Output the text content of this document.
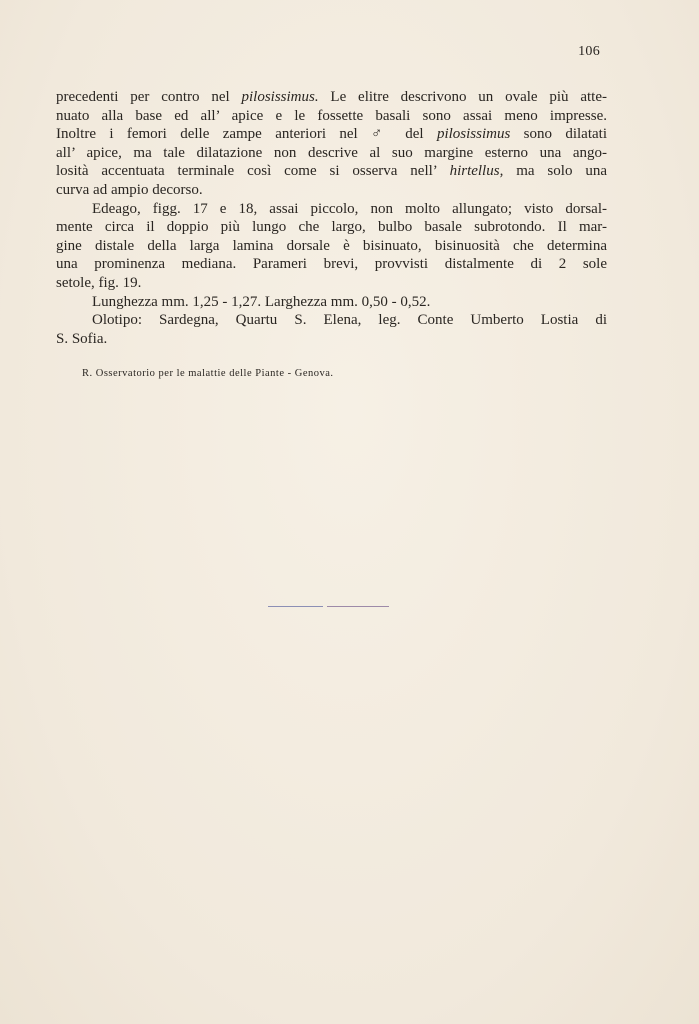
106
precedenti per contro nel pilosissimus. Le elitre descrivono un ovale più atte-
nuato alla base ed all’ apice e le fossette basali sono assai meno impresse.
Inoltre i femori delle zampe anteriori nel ♂ del pilosissimus sono dilatati
all’ apice, ma tale dilatazione non descrive al suo margine esterno una ango-
losità accentuata terminale così come si osserva nell’ hirtellus, ma solo una
curva ad ampio decorso.
Edeago, figg. 17 e 18, assai piccolo, non molto allungato; visto dorsal-
mente circa il doppio più lungo che largo, bulbo basale subrotondo. Il mar-
gine distale della larga lamina dorsale è bisinuato, bisinuosità che determina
una prominenza mediana. Parameri brevi, provvisti distalmente di 2 sole
setole, fig. 19.
Lunghezza mm. 1,25 - 1,27. Larghezza mm. 0,50 - 0,52.
Olotipo: Sardegna, Quartu S. Elena, leg. Conte Umberto Lostia di
S. Sofia.
R. Osservatorio per le malattie delle Piante - Genova.
